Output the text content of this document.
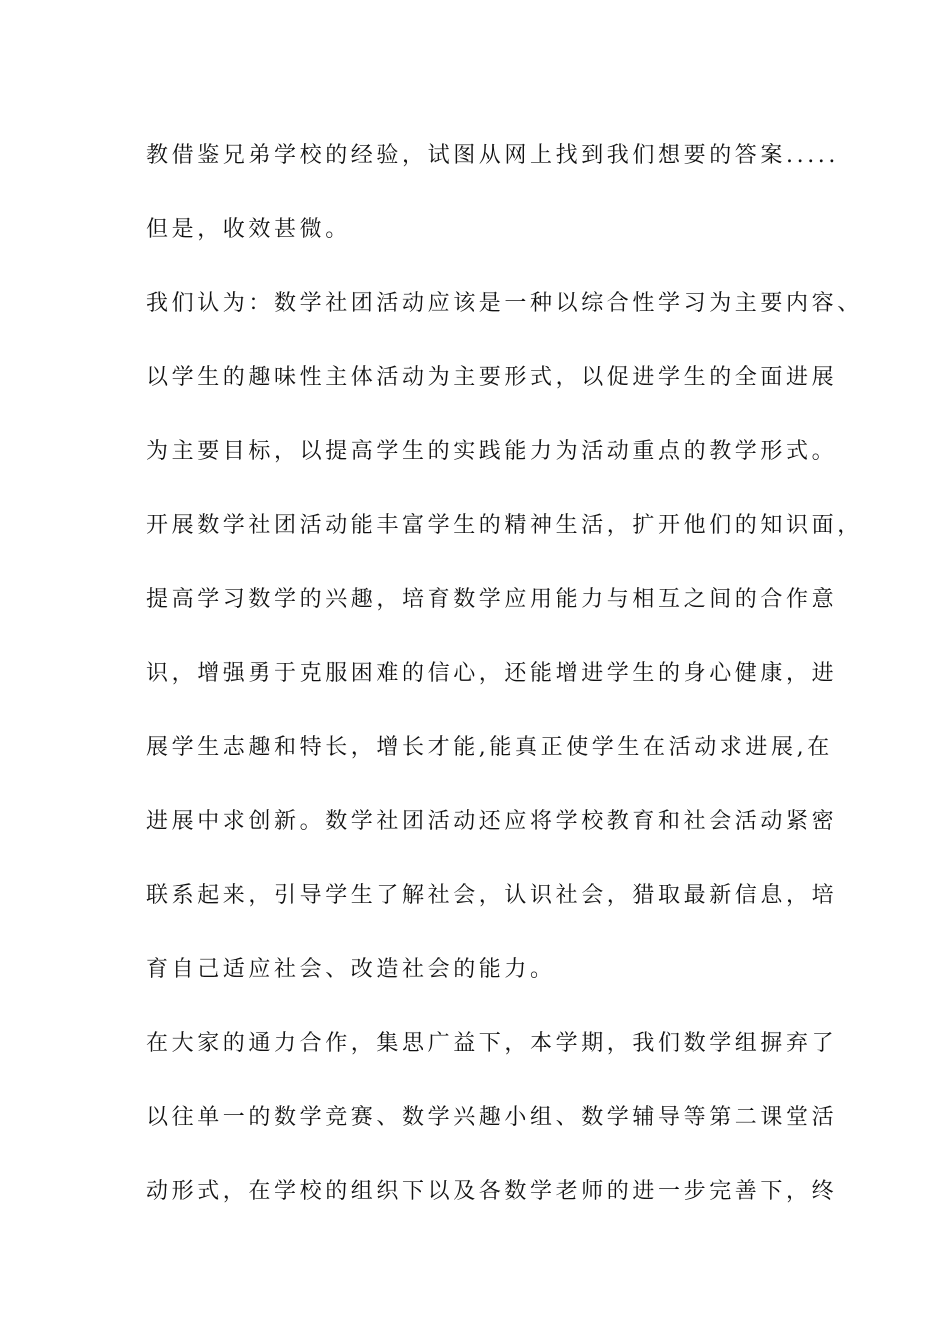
教借鉴兄弟学校的经验，试图从网上找到我们想要的答案.....
但是，收效甚微。
我们认为：数学社团活动应该是一种以综合性学习为主要内容、
以学生的趣味性主体活动为主要形式，以促进学生的全面进展
为主要目标，以提高学生的实践能力为活动重点的教学形式。
开展数学社团活动能丰富学生的精神生活，扩开他们的知识面，
提高学习数学的兴趣，培育数学应用能力与相互之间的合作意
识，增强勇于克服困难的信心，还能增进学生的身心健康，进
展学生志趣和特长，增长才能,能真正使学生在活动求进展,在
进展中求创新。数学社团活动还应将学校教育和社会活动紧密
联系起来，引导学生了解社会，认识社会，猎取最新信息，培
育自己适应社会、改造社会的能力。
在大家的通力合作，集思广益下，本学期，我们数学组摒弃了
以往单一的数学竞赛、数学兴趣小组、数学辅导等第二课堂活
动形式，在学校的组织下以及各数学老师的进一步完善下，终
